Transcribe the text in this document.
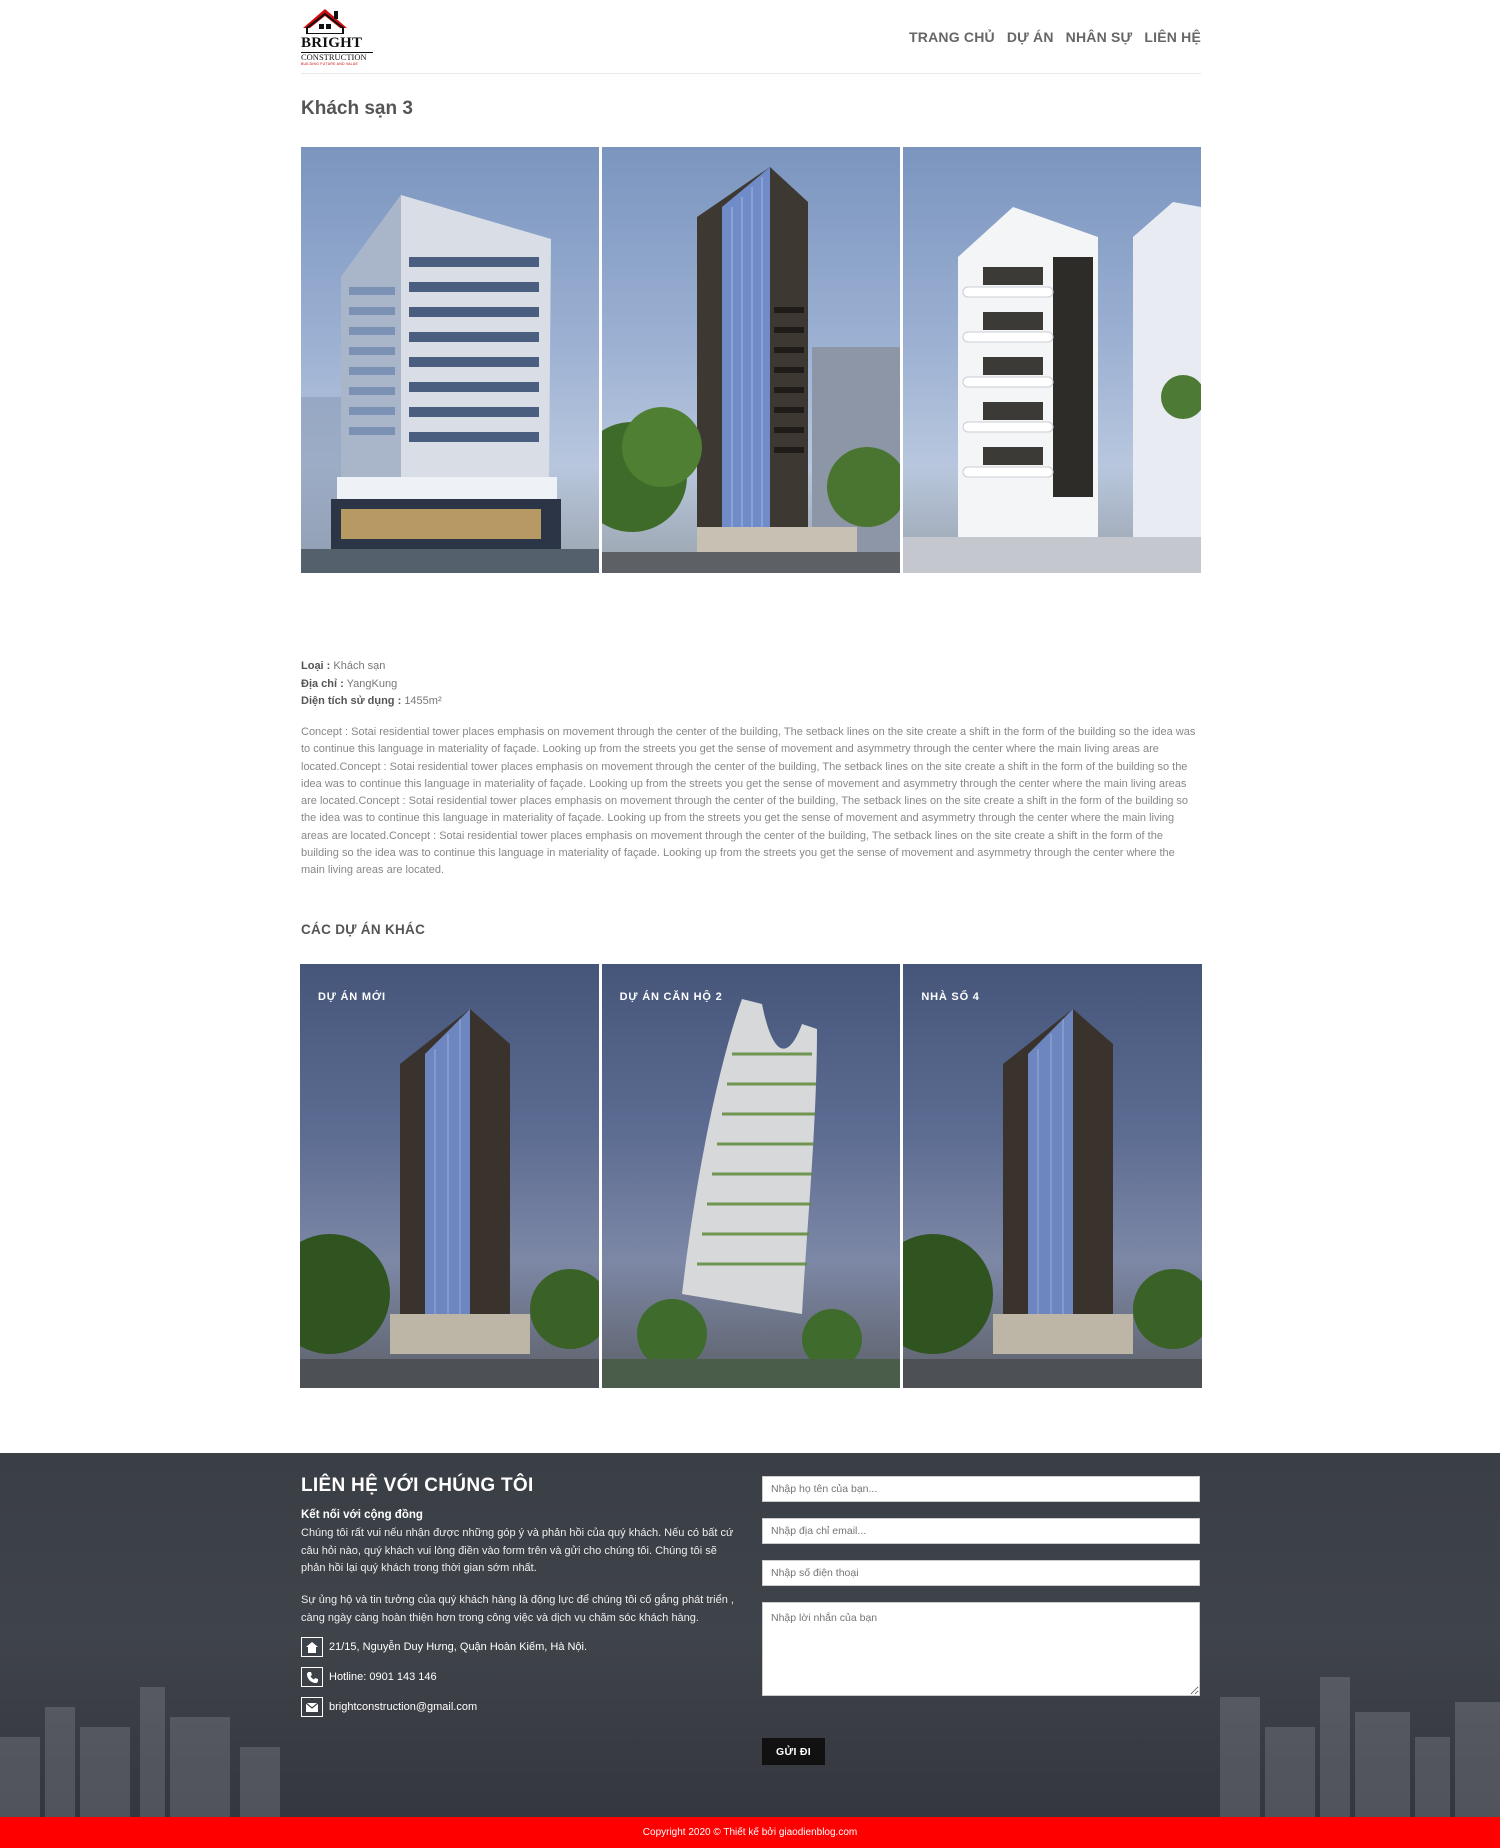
BRIGHT
CONSTRUCTION
BUILDING FUTURE AND VALUE
TRANG CHỦ DỰ ÁN NHÂN SỰ LIÊN HỆ
Khách sạn 3
Loại : Khách sạn
Địa chỉ : YangKung
Diện tích sử dụng : 1455m²

Concept : Sotai residential tower places emphasis on movement through the center of the building, The setback lines on the site create a shift in the form of the building so the idea was to continue this language in materiality of façade. Looking up from the streets you get the sense of movement and asymmetry through the center where the main living areas are located.Concept : Sotai residential tower places emphasis on movement through the center of the building, The setback lines on the site create a shift in the form of the building so the idea was to continue this language in materiality of façade. Looking up from the streets you get the sense of movement and asymmetry through the center where the main living areas are located.Concept : Sotai residential tower places emphasis on movement through the center of the building, The setback lines on the site create a shift in the form of the building so the idea was to continue this language in materiality of façade. Looking up from the streets you get the sense of movement and asymmetry through the center where the main living areas are located.Concept : Sotai residential tower places emphasis on movement through the center of the building, The setback lines on the site create a shift in the form of the building so the idea was to continue this language in materiality of façade. Looking up from the streets you get the sense of movement and asymmetry through the center where the main living areas are located.

CÁC DỰ ÁN KHÁC
DỰ ÁN MỚI	DỰ ÁN CĂN HỘ 2	NHÀ SỐ 4
LIÊN HỆ VỚI CHÚNG TÔI
Kết nối với cộng đồng

Chúng tôi rất vui nếu nhận được những góp ý và phản hồi của quý khách. Nếu có bất cứ câu hỏi nào, quý khách vui lòng điền vào form trên và gửi cho chúng tôi. Chúng tôi sẽ phản hồi lại quý khách trong thời gian sớm nhất.

Sự ủng hộ và tin tưởng của quý khách hàng là động lực để chúng tôi cố gắng phát triển , càng ngày càng hoàn thiện hơn trong công việc và dịch vụ chăm sóc khách hàng.

21/15, Nguyễn Duy Hưng, Quận Hoàn Kiếm, Hà Nội.
Hotline: 0901 143 146
brightconstruction@gmail.com
Nhập họ tên của bạn...
Nhập địa chỉ email...
Nhập số điện thoại
Nhập lời nhắn của bạn
GỬI ĐI
Copyright 2020 © Thiết kế bởi giaodienblog.com
